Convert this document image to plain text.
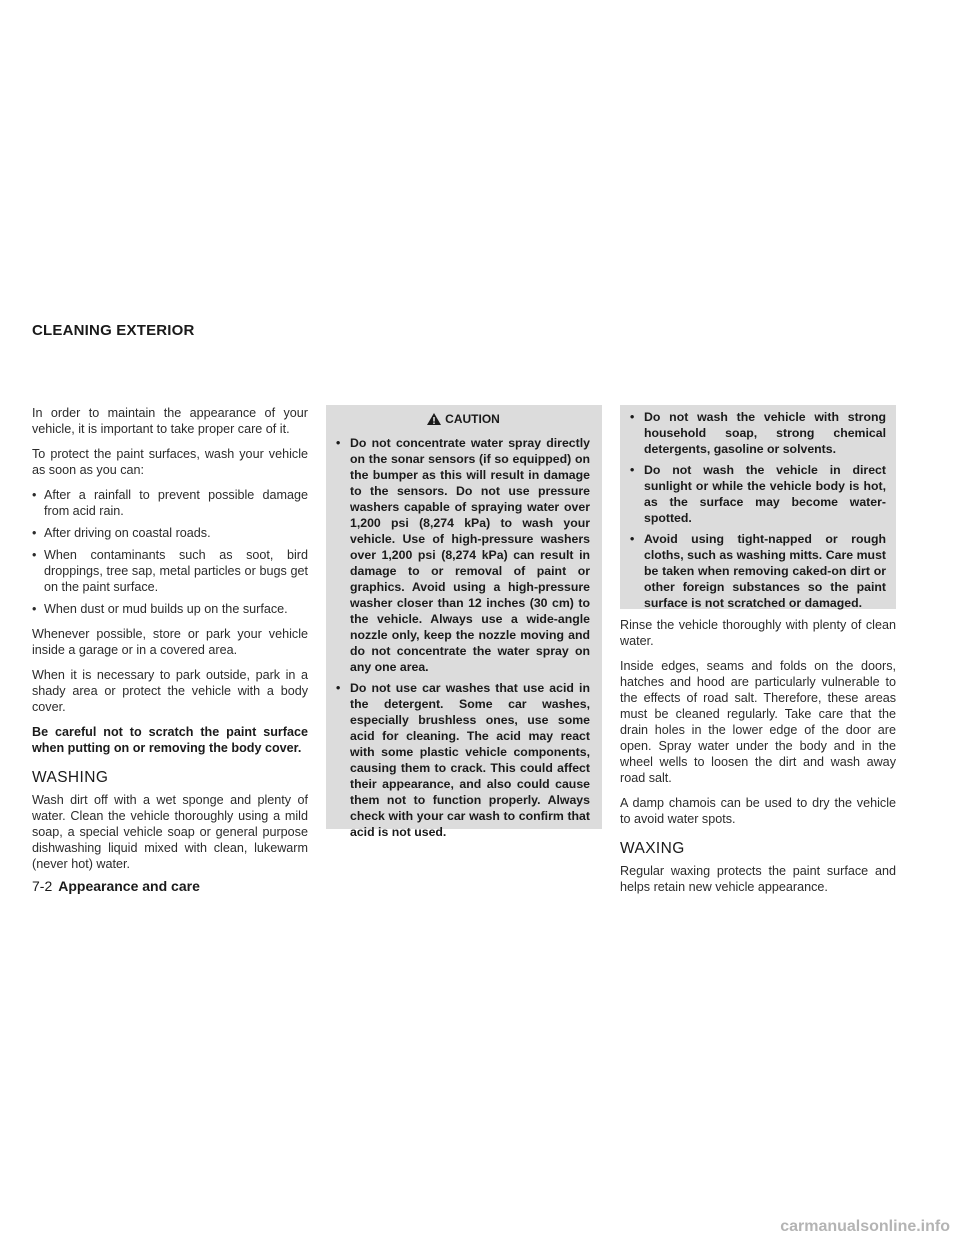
CLEANING EXTERIOR

In order to maintain the appearance of your vehicle, it is important to take proper care of it.

To protect the paint surfaces, wash your vehicle as soon as you can:

• After a rainfall to prevent possible damage from acid rain.
• After driving on coastal roads.
• When contaminants such as soot, bird droppings, tree sap, metal particles or bugs get on the paint surface.
• When dust or mud builds up on the surface.

Whenever possible, store or park your vehicle inside a garage or in a covered area.

When it is necessary to park outside, park in a shady area or protect the vehicle with a body cover.

Be careful not to scratch the paint surface when putting on or removing the body cover.

WASHING

Wash dirt off with a wet sponge and plenty of water. Clean the vehicle thoroughly using a mild soap, a special vehicle soap or general purpose dishwashing liquid mixed with clean, lukewarm (never hot) water.

CAUTION
• Do not concentrate water spray directly on the sonar sensors (if so equipped) on the bumper as this will result in damage to the sensors. Do not use pressure washers capable of spraying water over 1,200 psi (8,274 kPa) to wash your vehicle. Use of high-pressure washers over 1,200 psi (8,274 kPa) can result in damage to or removal of paint or graphics. Avoid using a high-pressure washer closer than 12 inches (30 cm) to the vehicle. Always use a wide-angle nozzle only, keep the nozzle moving and do not concentrate the water spray on any one area.
• Do not use car washes that use acid in the detergent. Some car washes, especially brushless ones, use some acid for cleaning. The acid may react with some plastic vehicle components, causing them to crack. This could affect their appearance, and also could cause them not to function properly. Always check with your car wash to confirm that acid is not used.
• Do not wash the vehicle with strong household soap, strong chemical detergents, gasoline or solvents.
• Do not wash the vehicle in direct sunlight or while the vehicle body is hot, as the surface may become water-spotted.
• Avoid using tight-napped or rough cloths, such as washing mitts. Care must be taken when removing caked-on dirt or other foreign substances so the paint surface is not scratched or damaged.

Rinse the vehicle thoroughly with plenty of clean water.

Inside edges, seams and folds on the doors, hatches and hood are particularly vulnerable to the effects of road salt. Therefore, these areas must be cleaned regularly. Take care that the drain holes in the lower edge of the door are open. Spray water under the body and in the wheel wells to loosen the dirt and wash away road salt.

A damp chamois can be used to dry the vehicle to avoid water spots.

WAXING

Regular waxing protects the paint surface and helps retain new vehicle appearance.

7-2 Appearance and care
carmanualsonline.info
